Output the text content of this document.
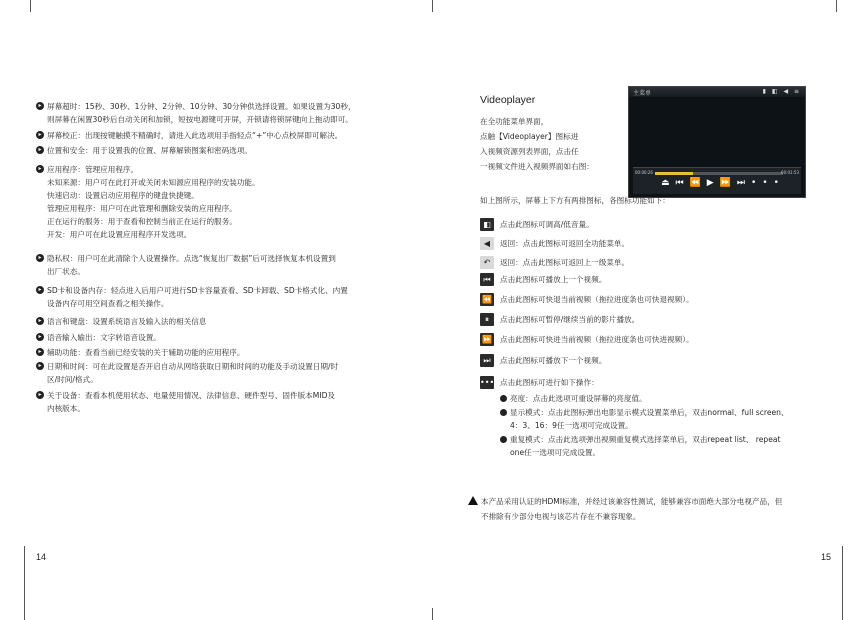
▸ 屏幕超时：15秒、30秒、1分钟、2分钟、10分钟、30分钟供选择设置。如果设置为30秒，
则屏幕在闲置30秒后自动关闭和加锁，短按电源键可开屏，开锁请将锁屏键向上拖动即可。
▸ 屏幕校正：出现按键触摸不精确时，请进入此选项用手指轻点“+”中心点校屏即可解决。
▸ 位置和安全：用于设置我的位置、屏幕解锁图案和密码选项。
▸ 应用程序：管理应用程序。
未知来源：用户可在此打开或关闭未知源应用程序的安装功能。
快速启动：设置启动应用程序的键盘快捷键。
管理应用程序：用户可在此管理和删除安装的应用程序。
正在运行的服务：用于查看和控制当前正在运行的服务。
开发：用户可在此设置应用程序开发选项。
▸ 隐私权：用户可在此清除个人设置操作。点选“恢复出厂数据”后可选择恢复本机设置到
出厂状态。
▸ SD卡和设备内存：轻点进入后用户可进行SD卡容量查看、SD卡卸载、SD卡格式化、内置
设备内存可用空间查看之相关操作。
▸ 语言和键盘：设置系统语言及输入法的相关信息
▸ 语音输入输出：文字转语音设置。
▸ 辅助功能：查看当前已经安装的关于辅助功能的应用程序。
▸ 日期和时间：可在此设置是否开启自动从网络获取日期和时间的功能及手动设置日期/时
区/时间/格式。
▸ 关于设备：查看本机使用状态、电量使用情况、法律信息、硬件型号、固件版本MID及
内核版本。
14
Videoplayer
在全功能菜单界面，
点触【Videoplayer】图标进
入视频资源列表界面，点击任
一视频文件进入视频界面如右图：
主菜单	▮ ◧ ◀ ≡
00:00:26	00:01:53
⏏⏮⏪▶⏩⏭•••
如上图所示，屏幕上下方有两排图标，各图标功能如下：
◧	点击此图标可调高/低音量。
◀	返回：点击此图标可返回全功能菜单。
↶	返回：点击此图标可返回上一级菜单。
⏮	点击此图标可播放上一个视频。
⏪ 点击此图标可快退当前视频（拖拉进度条也可快退视频）。
⏸	点击此图标可暂停/继续当前的影片播放。
⏩ 点击此图标可快进当前视频（拖拉进度条也可快进视频）。
⏭	点击此图标可播放下一个视频。
••• 点击此图标可进行如下操作：
亮度：点击此选项可重设屏幕的亮度值。
显示模式：点击此图标弹出电影显示模式设置菜单后，双击normal、full screen、
4：3、16：9任一选项可完成设置。
重复模式：点击此选项弹出视频重复模式选择菜单后，双击repeat list、 repeat
one任一选项可完成设置。
本产品采用认证的HDMI标准，并经过该兼容性测试，能够兼容市面绝大部分电视产品，但
不排除有少部分电视与该芯片存在不兼容现象。
15
